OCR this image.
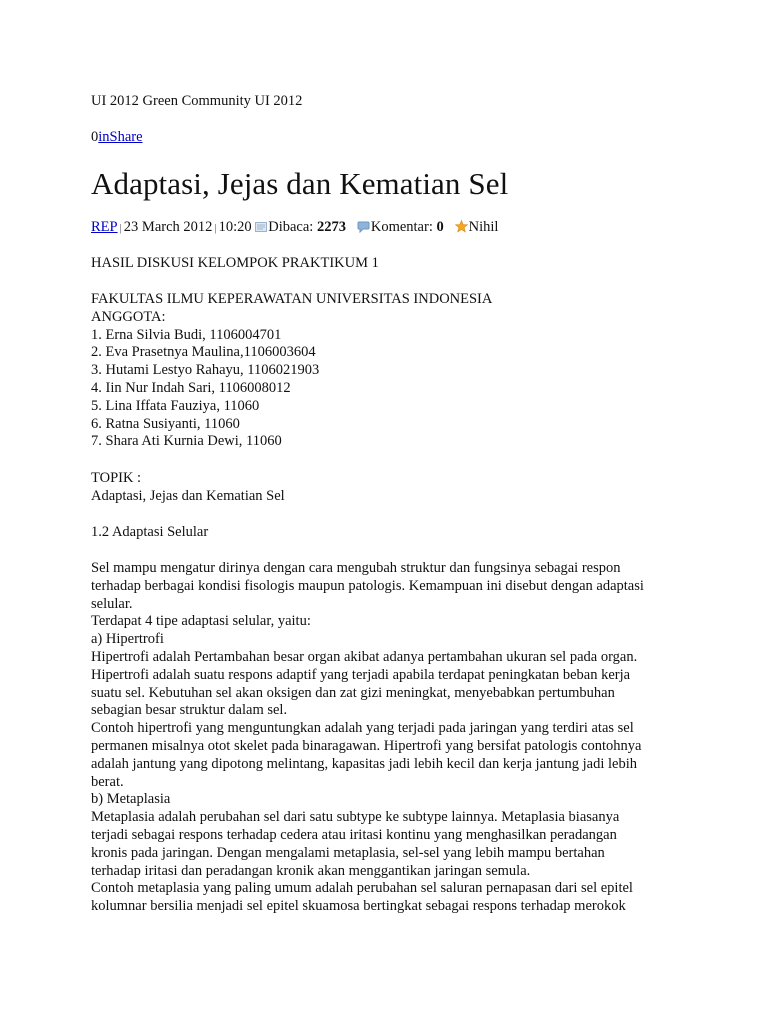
UI 2012 Green Community UI 2012
0inShare
Adaptasi, Jejas dan Kematian Sel
REP | 23 March 2012 | 10:20 Dibaca: 2273 Komentar: 0 Nihil
HASIL DISKUSI KELOMPOK PRAKTIKUM 1
FAKULTAS ILMU KEPERAWATAN UNIVERSITAS INDONESIA
ANGGOTA:
1. Erna Silvia Budi, 1106004701
2. Eva Prasetnya Maulina,1106003604
3. Hutami Lestyo Rahayu, 1106021903
4. Iin Nur Indah Sari, 1106008012
5. Lina Iffata Fauziya, 11060
6. Ratna Susiyanti, 11060
7. Shara Ati Kurnia Dewi, 11060
TOPIK :
Adaptasi, Jejas dan Kematian Sel
1.2 Adaptasi Selular
Sel mampu mengatur dirinya dengan cara mengubah struktur dan fungsinya sebagai respon
terhadap berbagai kondisi fisologis maupun patologis. Kemampuan ini disebut dengan adaptasi
selular.
Terdapat 4 tipe adaptasi selular, yaitu:
a) Hipertrofi
Hipertrofi adalah Pertambahan besar organ akibat adanya pertambahan ukuran sel pada organ.
Hipertrofi adalah suatu respons adaptif yang terjadi apabila terdapat peningkatan beban kerja
suatu sel. Kebutuhan sel akan oksigen dan zat gizi meningkat, menyebabkan pertumbuhan
sebagian besar struktur dalam sel.
Contoh hipertrofi yang menguntungkan adalah yang terjadi pada jaringan yang terdiri atas sel
permanen misalnya otot skelet pada binaragawan. Hipertrofi yang bersifat patologis contohnya
adalah jantung yang dipotong melintang, kapasitas jadi lebih kecil dan kerja jantung jadi lebih
berat.
b) Metaplasia
Metaplasia adalah perubahan sel dari satu subtype ke subtype lainnya. Metaplasia biasanya
terjadi sebagai respons terhadap cedera atau iritasi kontinu yang menghasilkan peradangan
kronis pada jaringan. Dengan mengalami metaplasia, sel-sel yang lebih mampu bertahan
terhadap iritasi dan peradangan kronik akan menggantikan jaringan semula.
Contoh metaplasia yang paling umum adalah perubahan sel saluran pernapasan dari sel epitel
kolumnar bersilia menjadi sel epitel skuamosa bertingkat sebagai respons terhadap merokok
